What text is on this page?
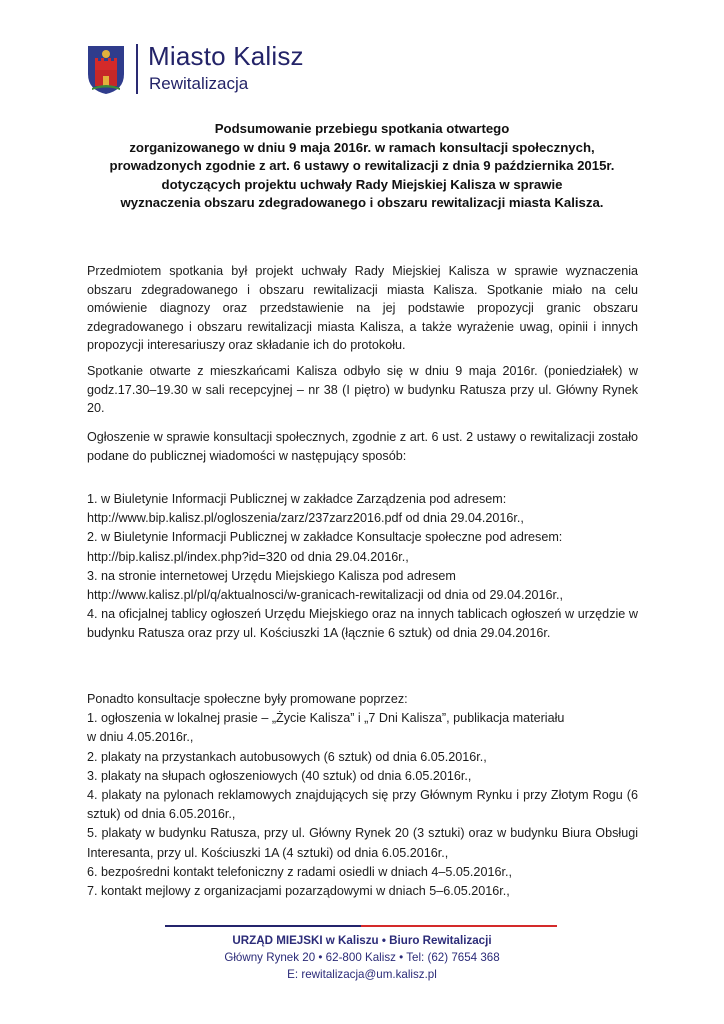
Miasto Kalisz
Rewitalizacja
Podsumowanie przebiegu spotkania otwartego
zorganizowanego w dniu 9 maja 2016r. w ramach konsultacji społecznych,
prowadzonych zgodnie z art. 6 ustawy o rewitalizacji z dnia 9 października 2015r.
dotyczących projektu uchwały Rady Miejskiej Kalisza w sprawie
wyznaczenia obszaru zdegradowanego i obszaru rewitalizacji miasta Kalisza.

Przedmiotem spotkania był projekt uchwały Rady Miejskiej Kalisza w sprawie wyznaczenia obszaru zdegradowanego i obszaru rewitalizacji miasta Kalisza. Spotkanie miało na celu omówienie diagnozy oraz przedstawienie na jej podstawie propozycji granic obszaru zdegradowanego i obszaru rewitalizacji miasta Kalisza, a także wyrażenie uwag, opinii i innych propozycji interesariuszy oraz składanie ich do protokołu.

Spotkanie otwarte z mieszkańcami Kalisza odbyło się w dniu 9 maja 2016r. (poniedziałek) w godz.17.30–19.30 w sali recepcyjnej – nr 38 (I piętro) w budynku Ratusza przy ul. Główny Rynek 20.

Ogłoszenie w sprawie konsultacji społecznych, zgodnie z art. 6 ust. 2 ustawy o rewitalizacji zostało podane do publicznej wiadomości w następujący sposób:

1. w Biuletynie Informacji Publicznej w zakładce Zarządzenia pod adresem:
http://www.bip.kalisz.pl/ogloszenia/zarz/237zarz2016.pdf od dnia 29.04.2016r.,
2. w Biuletynie Informacji Publicznej w zakładce Konsultacje społeczne pod adresem:
http://bip.kalisz.pl/index.php?id=320 od dnia 29.04.2016r.,
3. na stronie internetowej Urzędu Miejskiego Kalisza pod adresem
http://www.kalisz.pl/pl/q/aktualnosci/w-granicach-rewitalizacji od dnia od 29.04.2016r.,
4. na oficjalnej tablicy ogłoszeń Urzędu Miejskiego oraz na innych tablicach ogłoszeń w urzędzie w budynku Ratusza oraz przy ul. Kościuszki 1A (łącznie 6 sztuk) od dnia 29.04.2016r.
Ponadto konsultacje społeczne były promowane poprzez:
1. ogłoszenia w lokalnej prasie – „Życie Kalisza” i „7 Dni Kalisza”, publikacja materiału
w dniu 4.05.2016r.,
2. plakaty na przystankach autobusowych (6 sztuk) od dnia 6.05.2016r.,
3. plakaty na słupach ogłoszeniowych (40 sztuk) od dnia 6.05.2016r.,
4. plakaty na pylonach reklamowych znajdujących się przy Głównym Rynku i przy Złotym Rogu (6 sztuk) od dnia 6.05.2016r.,
5. plakaty w budynku Ratusza, przy ul. Główny Rynek 20 (3 sztuki) oraz w budynku Biura Obsługi Interesanta, przy ul. Kościuszki 1A (4 sztuki) od dnia 6.05.2016r.,
6. bezpośredni kontakt telefoniczny z radami osiedli w dniach 4–5.05.2016r.,
7. kontakt mejlowy z organizacjami pozarządowymi w dniach 5–6.05.2016r.,
URZĄD MIEJSKI w Kaliszu • Biuro Rewitalizacji
Główny Rynek 20 • 62-800 Kalisz • Tel: (62) 7654 368
E: rewitalizacja@um.kalisz.pl
